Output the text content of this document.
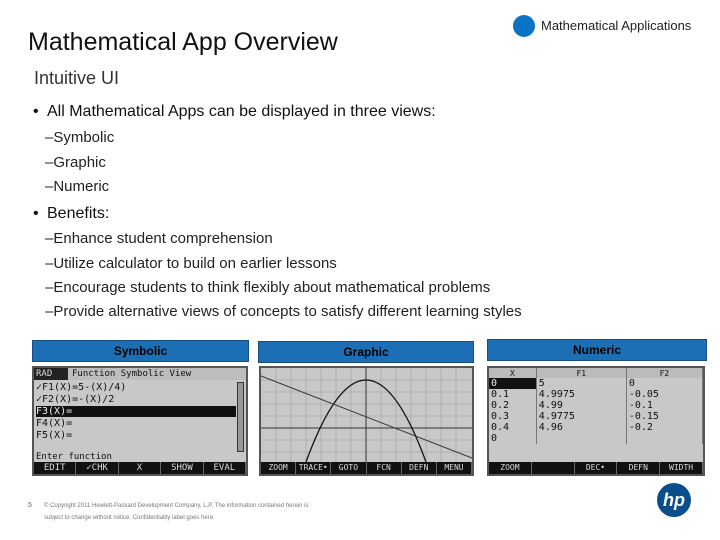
Mathematical App Overview
Mathematical Applications
Intuitive UI
• All Mathematical Apps can be displayed in three views:
–Symbolic
–Graphic
–Numeric
• Benefits:
–Enhance student comprehension
–Utilize calculator to build on earlier lessons
–Encourage students to think flexibly about mathematical problems
–Provide alternative views of concepts to satisfy different learning styles
Symbolic	Graphic	Numeric
RAD	Function Symbolic View
✓F1(X)=5-(X)/4)
✓F2(X)=-(X)/2
F3(X)=
F4(X)=
F5(X)=
Enter function
EDIT	✓CHK	X	SHOW	EVAL	ZOOM	TRACE•	GOTO	FCN	DEFN	MENU
X	F1	F2
0	5	0
0.1	4.9975	-0.05
0.2	4.99	-0.1
0.3	4.9775	-0.15
0.4	4.96	-0.2
0		
ZOOM	DEC•	DEFN	WIDTH
5 © Copyright 2011 Hewlett-Packard Development Company, L.P. The information contained herein is subject to change without notice. Confidentiality label goes here
hp
